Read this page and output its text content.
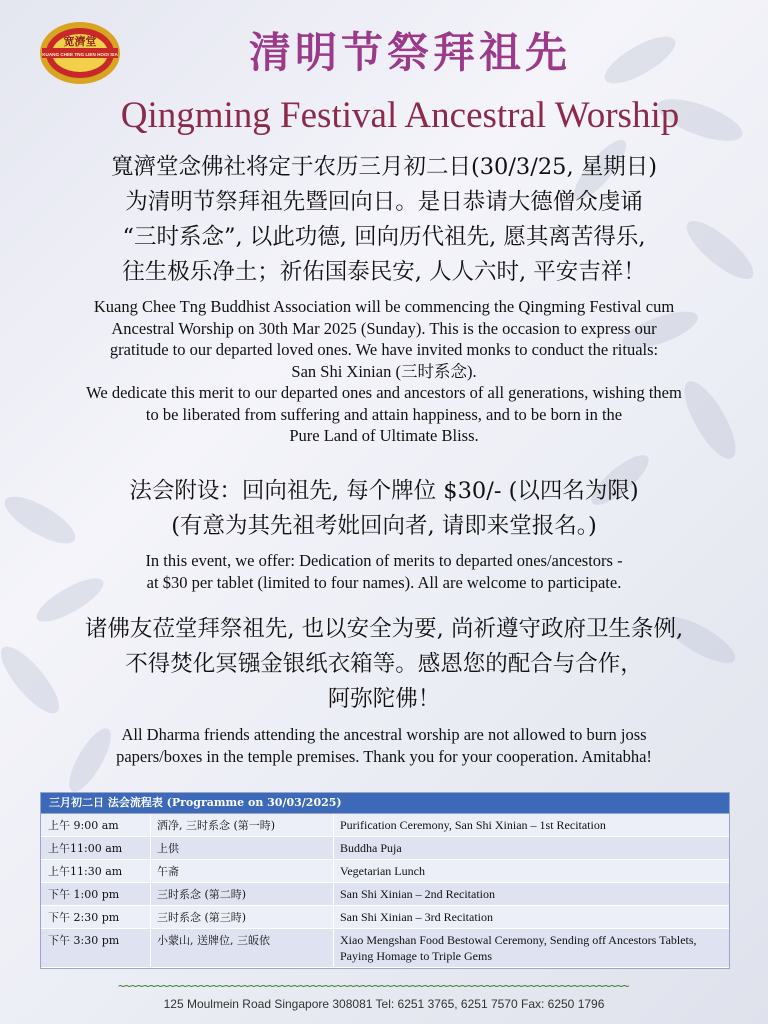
宽濟堂
KUANG CHEE TNG LIEN HOOI SIA	清明节祭拜祖先
Qingming Festival Ancestral Worship
寬濟堂念佛社将定于农历三月初二日(30/3/25, 星期日)
为清明节祭拜祖先暨回向日。是日恭请大德僧众虔诵
“三时系念”, 以此功德, 回向历代祖先, 愿其离苦得乐,
往生极乐净土；祈佑国泰民安, 人人六时, 平安吉祥！
Kuang Chee Tng Buddhist Association will be commencing the Qingming Festival cum
Ancestral Worship on 30th Mar 2025 (Sunday). This is the occasion to express our
gratitude to our departed loved ones. We have invited monks to conduct the rituals:
San Shi Xinian (三时系念).
We dedicate this merit to our departed ones and ancestors of all generations, wishing them
to be liberated from suffering and attain happiness, and to be born in the
Pure Land of Ultimate Bliss.
法会附设：回向祖先, 每个牌位 $30/- (以四名为限)
(有意为其先祖考妣回向者, 请即来堂报名。)
In this event, we offer: Dedication of merits to departed ones/ancestors -
at $30 per tablet (limited to four names). All are welcome to participate.
诸佛友莅堂拜祭祖先, 也以安全为要, 尚祈遵守政府卫生条例,
不得焚化冥镪金银纸衣箱等。感恩您的配合与合作，
阿弥陀佛！
All Dharma friends attending the ancestral worship are not allowed to burn joss
papers/boxes in the temple premises. Thank you for your cooperation. Amitabha!
三月初二日 法会流程表 (Programme on 30/03/2025)
上午 9:00 am	洒净, 三时系念 (第一時)	Purification Ceremony, San Shi Xinian – 1st Recitation
上午11:00 am	上供	Buddha Puja
上午11:30 am	午斋	Vegetarian Lunch
下午 1:00 pm	三时系念 (第二時)	San Shi Xinian – 2nd Recitation
下午 2:30 pm	三时系念 (第三時)	San Shi Xinian – 3rd Recitation
下午 3:30 pm	小蒙山, 送牌位, 三皈依	Xiao Mengshan Food Bestowal Ceremony, Sending off Ancestors Tablets, Paying Homage to Triple Gems
~~~~~~~~~~~~~~~~~~~~~~~~~~~~~~~~~~~~~~~~~~~~~~~~~~~~~~~~~~~~~~~~~~~~~~~~~~~~~~~~~~
125 Moulmein Road Singapore 308081 Tel: 6251 3765, 6251 7570 Fax: 6250 1796
